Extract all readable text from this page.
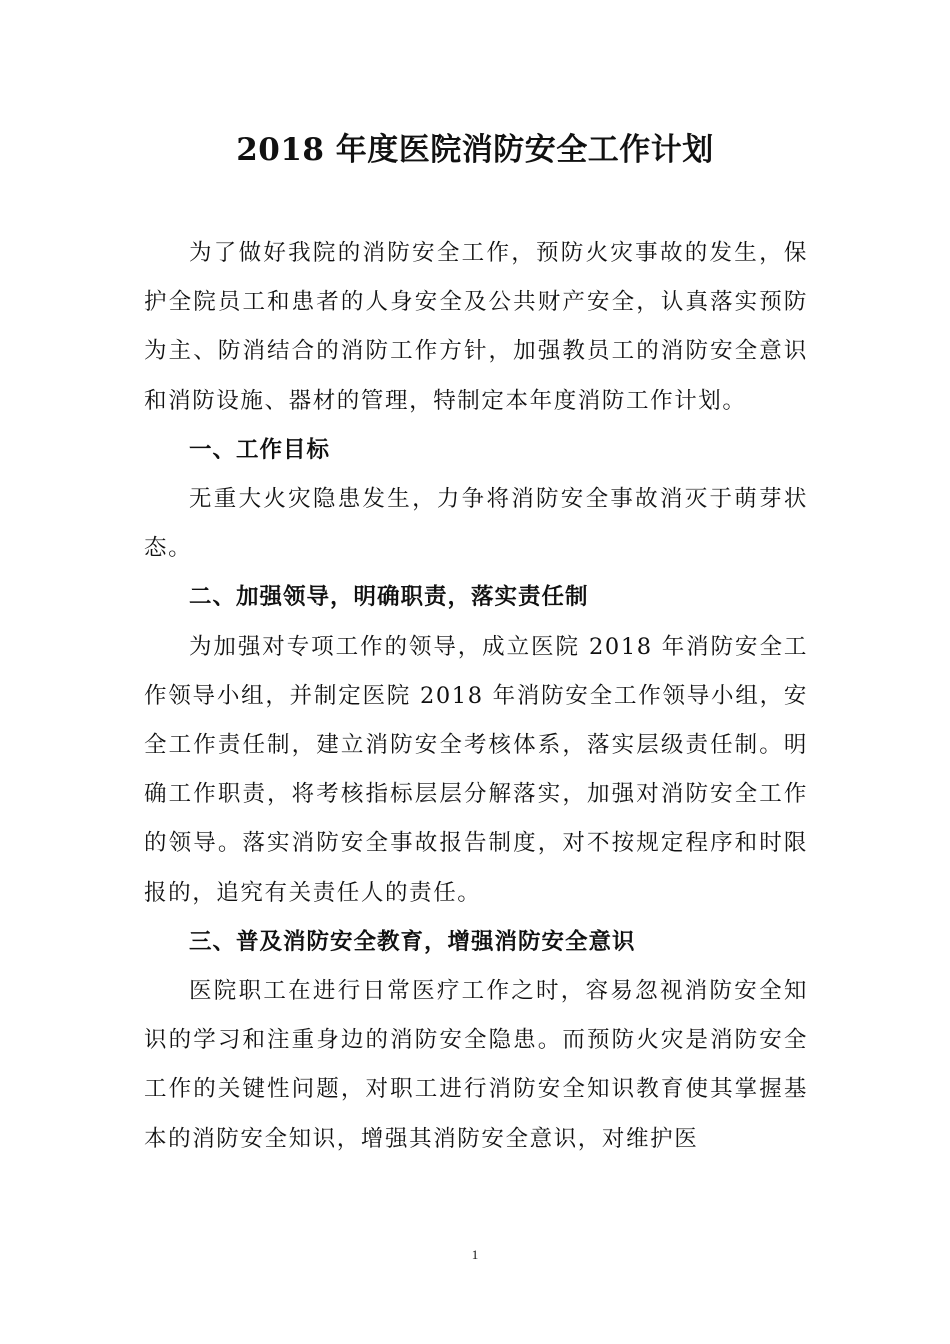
2018 年度医院消防安全工作计划

为了做好我院的消防安全工作，预防火灾事故的发生，保护全院员工和患者的人身安全及公共财产安全，认真落实预防为主、防消结合的消防工作方针，加强教员工的消防安全意识和消防设施、器材的管理，特制定本年度消防工作计划。

一、工作目标

无重大火灾隐患发生，力争将消防安全事故消灭于萌芽状态。

二、加强领导，明确职责，落实责任制

为加强对专项工作的领导，成立医院 2018 年消防安全工作领导小组，并制定医院 2018 年消防安全工作领导小组，安全工作责任制，建立消防安全考核体系，落实层级责任制。明确工作职责，将考核指标层层分解落实，加强对消防安全工作的领导。落实消防安全事故报告制度，对不按规定程序和时限报的，追究有关责任人的责任。

三、普及消防安全教育，增强消防安全意识

医院职工在进行日常医疗工作之时，容易忽视消防安全知识的学习和注重身边的消防安全隐患。而预防火灾是消防安全工作的关键性问题，对职工进行消防安全知识教育使其掌握基本的消防安全知识，增强其消防安全意识，对维护医

1
